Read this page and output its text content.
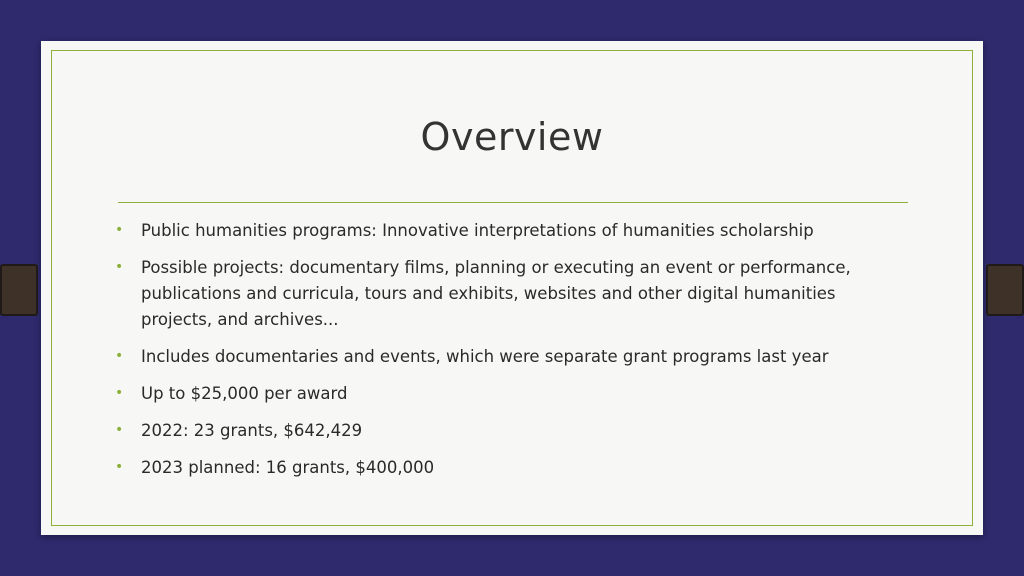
Overview
• Public humanities programs: Innovative interpretations of humanities scholarship
• Possible projects: documentary films, planning or executing an event or performance, publications and curricula, tours and exhibits, websites and other digital humanities projects, and archives...
• Includes documentaries and events, which were separate grant programs last year
• Up to $25,000 per award
• 2022: 23 grants, $642,429
• 2023 planned: 16 grants, $400,000
